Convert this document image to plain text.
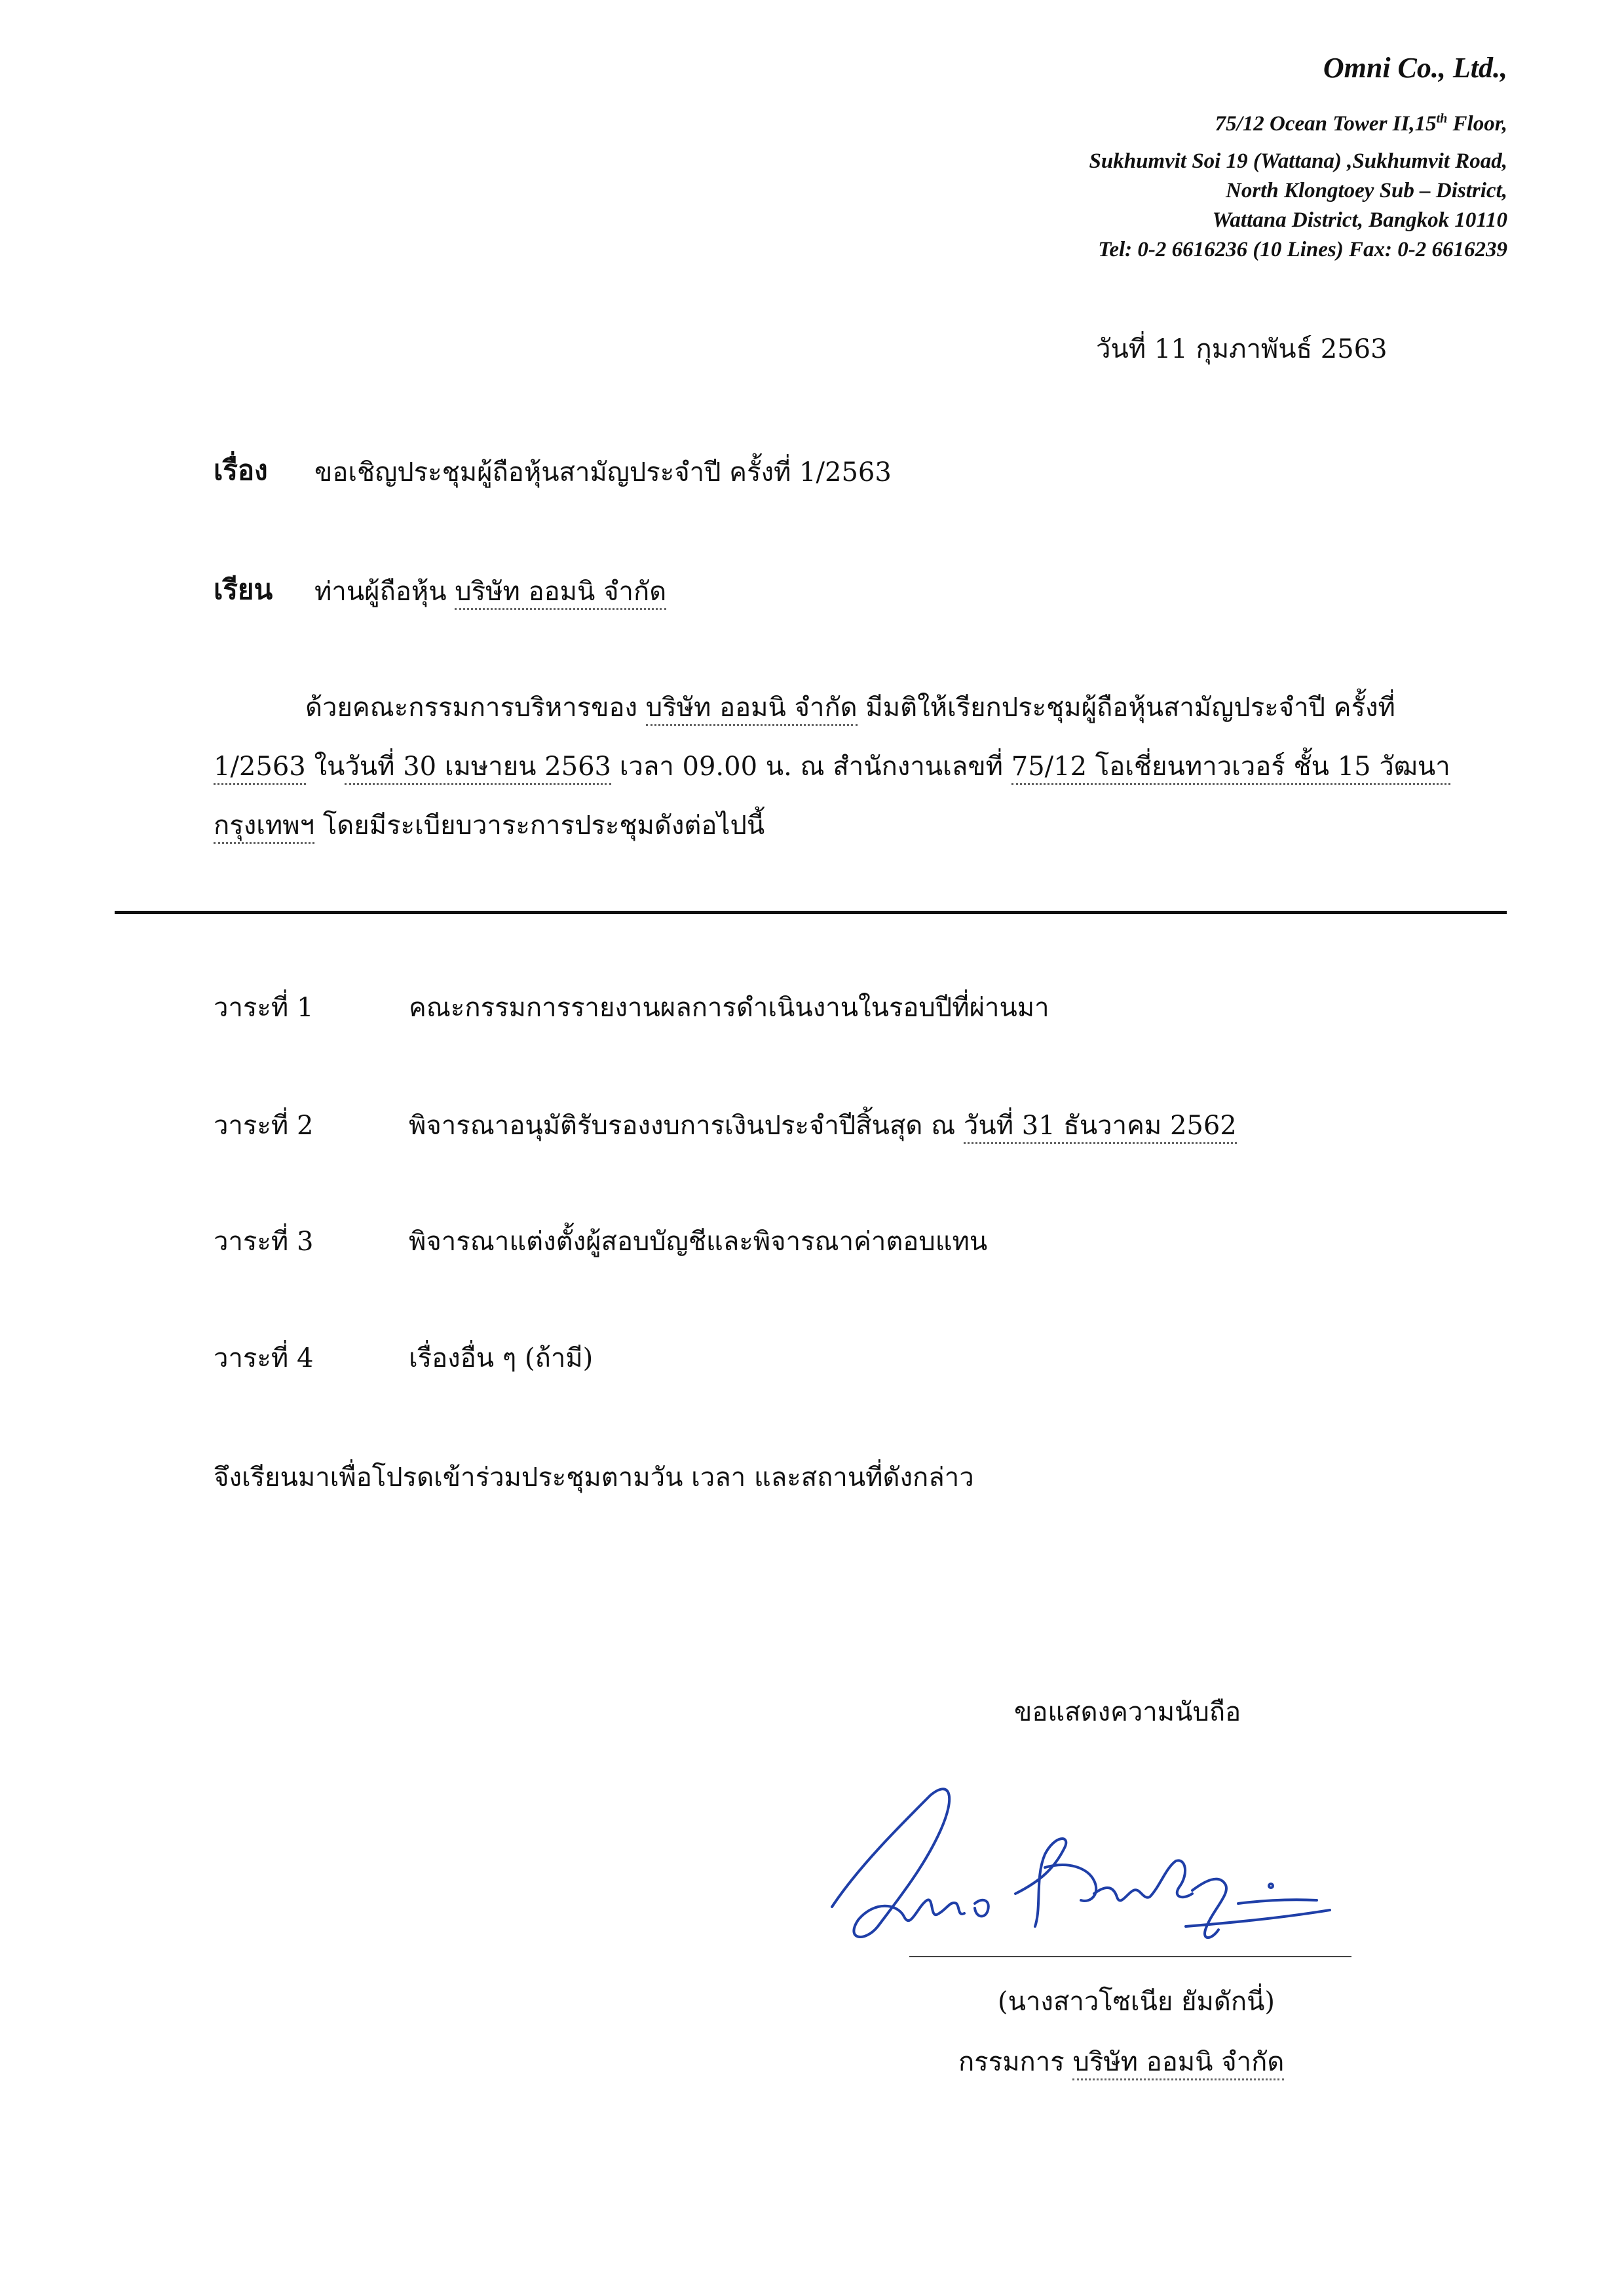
Omni Co., Ltd.,
75/12 Ocean Tower II,15th Floor,
Sukhumvit Soi 19 (Wattana) ,Sukhumvit Road,
North Klongtoey Sub – District,
Wattana District, Bangkok 10110
Tel: 0-2 6616236 (10 Lines) Fax: 0-2 6616239
วันที่ 11 กุมภาพันธ์ 2563
เรื่อง ขอเชิญประชุมผู้ถือหุ้นสามัญประจำปี ครั้งที่ 1/2563
เรียน ท่านผู้ถือหุ้น บริษัท ออมนิ จำกัด
ด้วยคณะกรรมการบริหารของ บริษัท ออมนิ จำกัด มีมติให้เรียกประชุมผู้ถือหุ้นสามัญประจำปี ครั้งที่ 1/2563 ในวันที่ 30 เมษายน 2563 เวลา 09.00 น. ณ สำนักงานเลขที่ 75/12 โอเชี่ยนทาวเวอร์ ชั้น 15 วัฒนา กรุงเทพฯ โดยมีระเบียบวาระการประชุมดังต่อไปนี้
วาระที่ 1	คณะกรรมการรายงานผลการดำเนินงานในรอบปีที่ผ่านมา
วาระที่ 2	พิจารณาอนุมัติรับรองงบการเงินประจำปีสิ้นสุด ณ วันที่ 31 ธันวาคม 2562
วาระที่ 3	พิจารณาแต่งตั้งผู้สอบบัญชีและพิจารณาค่าตอบแทน
วาระที่ 4	เรื่องอื่น ๆ (ถ้ามี)
จึงเรียนมาเพื่อโปรดเข้าร่วมประชุมตามวัน เวลา และสถานที่ดังกล่าว
ขอแสดงความนับถือ
(นางสาวโซเนีย ยัมดักนี่)
กรรมการ บริษัท ออมนิ จำกัด
